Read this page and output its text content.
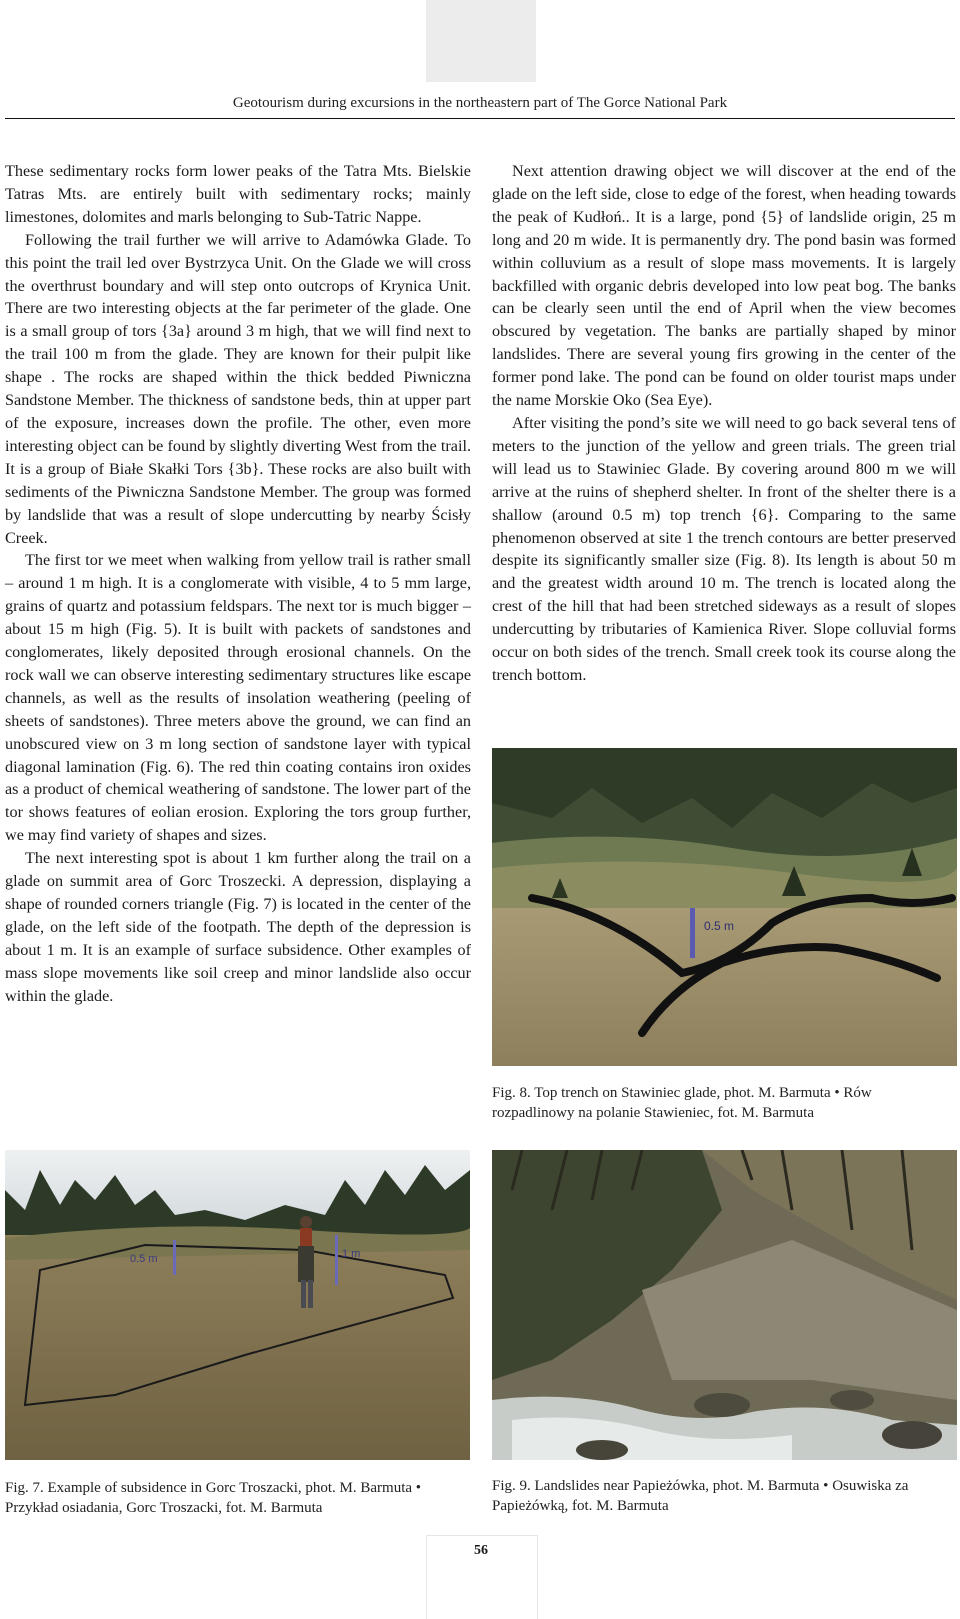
Geotourism during excursions in the northeastern part of The Gorce National Park

These sedimentary rocks form lower peaks of the Tatra Mts. Bielskie Tatras Mts. are entirely built with sedimentary rocks; mainly limestones, dolomites and marls belonging to Sub-Tatric Nappe.

Following the trail further we will arrive to Adamówka Glade. To this point the trail led over Bystrzyca Unit. On the Glade we will cross the overthrust boundary and will step onto outcrops of Krynica Unit. There are two interesting objects at the far perimeter of the glade. One is a small group of tors {3a} around 3 m high, that we will find next to the trail 100 m from the glade. They are known for their pulpit like shape . The rocks are shaped within the thick bedded Piwniczna Sandstone Member. The thickness of sandstone beds, thin at upper part of the exposure, increases down the profile. The other, even more interesting object can be found by slightly diverting West from the trail. It is a group of Białe Skałki Tors {3b}. These rocks are also built with sediments of the Piwniczna Sandstone Member. The group was formed by landslide that was a result of slope undercutting by nearby Ścisły Creek.

The first tor we meet when walking from yellow trail is rather small – around 1 m high. It is a conglomerate with visible, 4 to 5 mm large, grains of quartz and potassium feldspars. The next tor is much bigger – about 15 m high (Fig. 5). It is built with packets of sandstones and conglomerates, likely deposited through erosional channels. On the rock wall we can observe interesting sedimentary structures like escape channels, as well as the results of insolation weathering (peeling of sheets of sandstones). Three meters above the ground, we can find an unobscured view on 3 m long section of sandstone layer with typical diagonal lamination (Fig. 6). The red thin coating contains iron oxides as a product of chemical weathering of sandstone. The lower part of the tor shows features of eolian erosion. Exploring the tors group further, we may find variety of shapes and sizes.

The next interesting spot is about 1 km further along the trail on a glade on summit area of Gorc Troszecki. A depression, displaying a shape of rounded corners triangle (Fig. 7) is located in the center of the glade, on the left side of the footpath. The depth of the depression is about 1 m. It is an example of surface subsidence. Other examples of mass slope movements like soil creep and minor landslide also occur within the glade.

Next attention drawing object we will discover at the end of the glade on the left side, close to edge of the forest, when heading towards the peak of Kudłoń.. It is a large, pond {5} of landslide origin, 25 m long and 20 m wide. It is permanently dry. The pond basin was formed within colluvium as a result of slope mass movements. It is largely backfilled with organic debris developed into low peat bog. The banks can be clearly seen until the end of April when the view becomes obscured by vegetation. The banks are partially shaped by minor landslides. There are several young firs growing in the center of the former pond lake. The pond can be found on older tourist maps under the name Morskie Oko (Sea Eye).

After visiting the pond’s site we will need to go back several tens of meters to the junction of the yellow and green trials. The green trial will lead us to Stawiniec Glade. By covering around 800 m we will arrive at the ruins of shepherd shelter. In front of the shelter there is a shallow (around 0.5 m) top trench {6}. Comparing to the same phenomenon observed at site 1 the trench contours are better preserved despite its significantly smaller size (Fig. 8). Its length is about 50 m and the greatest width around 10 m. The trench is located along the crest of the hill that had been stretched sideways as a result of slopes undercutting by tributaries of Kamienica River. Slope colluvial forms occur on both sides of the trench. Small creek took its course along the trench bottom.

0.5 m
Fig. 8. Top trench on Stawiniec glade, phot. M. Barmuta • Rów rozpadlinowy na polanie Stawieniec, fot. M. Barmuta
0.5 m	1 m
Fig. 7. Example of subsidence in Gorc Troszacki, phot. M. Barmuta • Przykład osiadania, Gorc Troszacki, fot. M. Barmuta
Fig. 9. Landslides near Papieżówka, phot. M. Barmuta • Osuwiska za Papieżówką, fot. M. Barmuta
56
